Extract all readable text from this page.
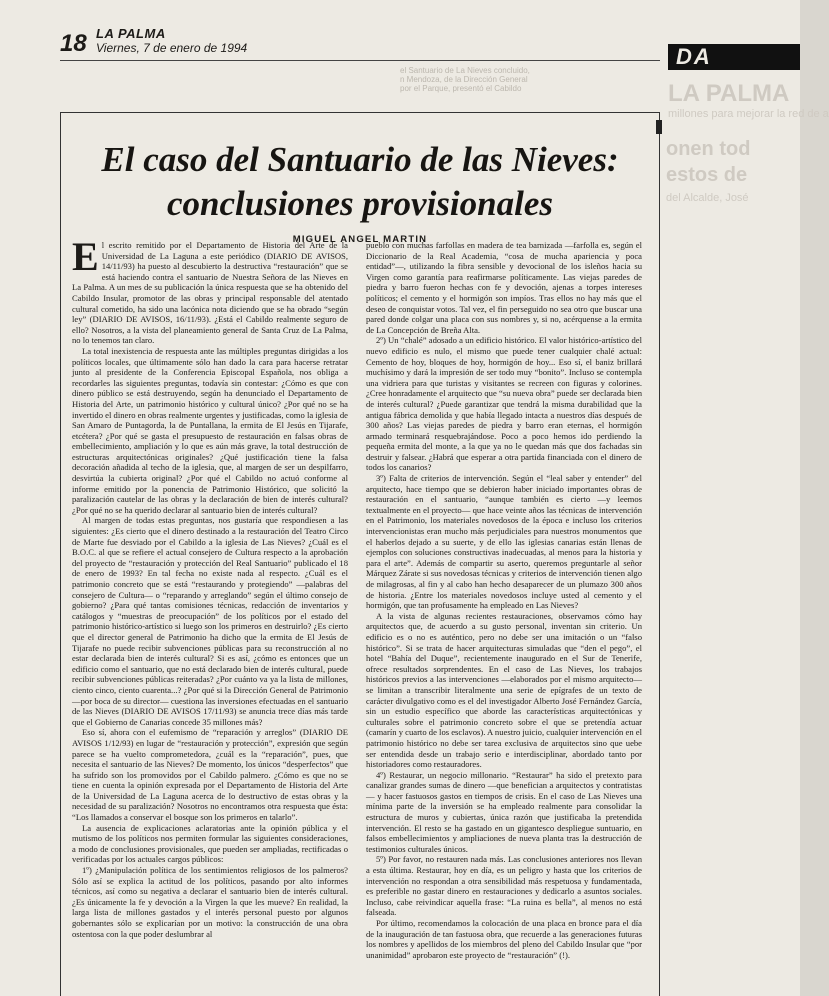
18 LA PALMA
Viernes, 7 de enero de 1994
el Santuario de La Nieves concluido,
n Mendoza, de la Dirección General
por el Parque, presentó el Cabildo
DA
LA PALMA
millones para mejorar la red de a
onen tod
estos de
del Alcalde, José
El caso del Santuario de las Nieves:
conclusiones provisionales
MIGUEL ANGEL MARTIN

El escrito remitido por el Departamento de Historia del Arte de la Universidad de La Laguna a este periódico (DIARIO DE AVISOS, 14/11/93) ha puesto al descubierto la destructiva “restauración” que se está haciendo contra el santuario de Nuestra Señora de las Nieves en La Palma. A un mes de su publicación la única respuesta que se ha obtenido del Cabildo Insular, promotor de las obras y principal responsable del atentado cultural cometido, ha sido una lacónica nota diciendo que se ha obrado “según ley” (DIARIO DE AVISOS, 16/11/93). ¿Está el Cabildo realmente seguro de ello? Nosotros, a la vista del planeamiento general de Santa Cruz de La Palma, no lo tenemos tan claro.

La total inexistencia de respuesta ante las múltiples preguntas dirigidas a los políticos locales, que últimamente sólo han dado la cara para hacerse retratar junto al presidente de la Conferencia Episcopal Española, nos obliga a recordarles las siguientes preguntas, todavía sin contestar: ¿Cómo es que con dinero público se está destruyendo, según ha denunciado el Departamento de Historia del Arte, un patrimonio histórico y cultural único? ¿Por qué no se ha invertido el dinero en obras realmente urgentes y justificadas, como la iglesia de San Amaro de Puntagorda, la de Puntallana, la ermita de El Jesús en Tijarafe, etcétera? ¿Por qué se gasta el presupuesto de restauración en falsas obras de embellecimiento, ampliación y lo que es aún más grave, la total destrucción de estructuras arquitectónicas originales? ¿Qué justificación tiene la falsa decoración añadida al techo de la iglesia, que, al margen de ser un despilfarro, desvirtúa la cubierta original? ¿Por qué el Cabildo no actuó conforme al informe emitido por la ponencia de Patrimonio Histórico, que solicitó la paralización cautelar de las obras y la declaración de bien de interés cultural? ¿Por qué no se ha querido declarar al santuario bien de interés cultural?

Al margen de todas estas preguntas, nos gustaría que respondiesen a las siguientes: ¿Es cierto que el dinero destinado a la restauración del Teatro Circo de Marte fue desviado por el Cabildo a la iglesia de Las Nieves? ¿Cuál es el B.O.C. al que se refiere el actual consejero de Cultura respecto a la aprobación del proyecto de “restauración y protección del Real Santuario” publicado el 18 de enero de 1993? En tal fecha no existe nada al respecto. ¿Cuál es el patrimonio concreto que se está “restaurando y protegiendo” —palabras del consejero de Cultura— o “reparando y arreglando” según el último consejo de gobierno? ¿Para qué tantas comisiones técnicas, redacción de inventarios y catálogos y “muestras de preocupación” de los políticos por el estado del patrimonio histórico-artístico si luego son los primeros en destruirlo? ¿Es cierto que el director general de Patrimonio ha dicho que la ermita de El Jesús de Tijarafe no puede recibir subvenciones públicas para su reconstrucción al no estar declarada bien de interés cultural? Si es así, ¿cómo es entonces que un edificio como el santuario, que no está declarado bien de interés cultural, puede recibir subvenciones públicas reiteradas? ¿Por cuánto va ya la lista de millones, ciento cinco, ciento cuarenta...? ¿Por qué si la Dirección General de Patrimonio —por boca de su director— cuestiona las inversiones efectuadas en el santuario de las Nieves (DIARIO DE AVISOS 17/11/93) se anuncia trece días más tarde que el Gobierno de Canarias concede 35 millones más?

Eso sí, ahora con el eufemismo de “reparación y arreglos” (DIARIO DE AVISOS 1/12/93) en lugar de “restauración y protección”, expresión que según parece se ha vuelto comprometedora, ¿cuál es la “reparación”, pues, que necesita el santuario de las Nieves? De momento, los únicos “desperfectos” que ha sufrido son los promovidos por el Cabildo palmero. ¿Cómo es que no se tiene en cuenta la opinión expresada por el Departamento de Historia del Arte de la Universidad de La Laguna acerca de lo destructivo de estas obras y la necesidad de su paralización? Nosotros no encontramos otra respuesta que ésta: “Los llamados a conservar el bosque son los primeros en talarlo”.

La ausencia de explicaciones aclaratorias ante la opinión pública y el mutismo de los políticos nos permiten formular las siguientes consideraciones, a modo de conclusiones provisionales, que pueden ser ampliadas, rectificadas o verificadas por los actuales cargos públicos:

1º) ¿Manipulación política de los sentimientos religiosos de los palmeros? Sólo así se explica la actitud de los políticos, pasando por alto informes técnicos, así como su negativa a declarar el santuario bien de interés cultural. ¿Es únicamente la fe y devoción a la Virgen la que les mueve? En realidad, la larga lista de millones gastados y el interés personal puesto por algunos gobernantes sólo se explicarían por un motivo: la construcción de una obra ostentosa con la que poder deslumbrar al

pueblo con muchas farfollas en madera de tea barnizada —farfolla es, según el Diccionario de la Real Academia, “cosa de mucha apariencia y poca entidad”—, utilizando la fibra sensible y devocional de los isleños hacia su Virgen como garantía para reafirmarse políticamente. Las viejas paredes de piedra y barro fueron hechas con fe y devoción, ajenas a torpes intereses políticos; el cemento y el hormigón son impíos. Tras ellos no hay más que el deseo de conquistar votos. Tal vez, el fin perseguido no sea otro que buscar una pared donde colgar una placa con sus nombres y, si no, acérquense a la ermita de La Concepción de Breña Alta.

2º) Un “chalé” adosado a un edificio histórico. El valor histórico-artístico del nuevo edificio es nulo, el mismo que puede tener cualquier chalé actual: Cemento de hoy, bloques de hoy, hormigón de hoy... Eso sí, el baniz brillará muchísimo y dará la impresión de ser todo muy “bonito”. Incluso se contempla una vidriera para que turistas y visitantes se recreen con figuras y colorines. ¿Cree honradamente el arquitecto que “su nueva obra” puede ser declarada bien de interés cultural? ¿Puede garantizar que tendrá la misma durabilidad que la antigua fábrica demolida y que había llegado intacta a nuestros días después de 300 años? Las viejas paredes de piedra y barro eran eternas, el hormigón armado terminará resquebrajándose. Poco a poco hemos ido perdiendo la pequeña ermita del monte, a la que ya no le quedan más que dos fachadas sin destruir y falsear. ¿Habrá que esperar a otra partida financiada con el dinero de todos los canarios?

3º) Falta de criterios de intervención. Según el “leal saber y entender” del arquitecto, hace tiempo que se debieron haber iniciado importantes obras de restauración en el santuario, “aunque también es cierto —y leemos textualmente en el proyecto— que hace veinte años las técnicas de intervención en el Patrimonio, los materiales novedosos de la época e incluso los criterios intervencionistas eran mucho más perjudiciales para nuestros monumentos que el haberlos dejado a su suerte, y de ello las iglesias canarias están llenas de ejemplos con soluciones constructivas inadecuadas, al menos para la historia y para el arte”. Además de compartir su aserto, queremos preguntarle al señor Márquez Zárate si sus novedosas técnicas y criterios de intervención tienen algo de milagrosas, al fin y al cabo han hecho desaparecer de un plumazo 300 años de historia. ¿Entre los materiales novedosos incluye usted al cemento y el hormigón, que tan profusamente ha empleado en Las Nieves?

A la vista de algunas recientes restauraciones, observamos cómo hay arquitectos que, de acuerdo a su gusto personal, inventan sin criterio. Un edificio es o no es auténtico, pero no debe ser una imitación o un “falso histórico”. Si se trata de hacer arquitecturas simuladas que “den el pego”, el hotel “Bahía del Duque”, recientemente inaugurado en el Sur de Tenerife, ofrece resultados sorprendentes. En el caso de Las Nieves, los trabajos históricos previos a las intervenciones —elaborados por el mismo arquitecto— se limitan a transcribir literalmente una serie de epígrafes de un texto de carácter divulgativo como es el del investigador Alberto José Fernández García, sin un estudio específico que aborde las características arquitectónicas y culturales sobre el patrimonio concreto sobre el que se pretendía actuar (camarín y cuarto de los esclavos). A nuestro juicio, cualquier intervención en el patrimonio histórico no debe ser tarea exclusiva de arquitectos sino que uebe ser entendida desde un trabajo serio e interdisciplinar, abordado tanto por historiadores como restauradores.

4º) Restaurar, un negocio millonario. “Restaurar” ha sido el pretexto para canalizar grandes sumas de dinero —que benefician a arquitectos y contratistas— y hacer fastuosos gastos en tiempos de crisis. En el caso de Las Nieves una mínima parte de la inversión se ha empleado realmente para consolidar la estructura de muros y cubiertas, única razón que justificaba la pretendida intervención. El resto se ha gastado en un gigantesco despliegue suntuario, en falsos embellecimientos y ampliaciones de nueva planta tras la destrucción de testimonios culturales únicos.

5º) Por favor, no restauren nada más. Las conclusiones anteriores nos llevan a esta última. Restaurar, hoy en día, es un peligro y hasta que los criterios de intervención no respondan a otra sensibilidad más respetuosa y fundamentada, es preferible no gastar dinero en restauraciones y dedicarlo a asuntos sociales. Incluso, cabe reivindicar aquella frase: “La ruina es bella”, al menos no está falseada.

Por último, recomendamos la colocación de una placa en bronce para el día de la inauguración de tan fastuosa obra, que recuerde a las generaciones futuras los nombres y apellidos de los miembros del pleno del Cabildo Insular que “por unanimidad” aprobaron este proyecto de “restauración” (!).
